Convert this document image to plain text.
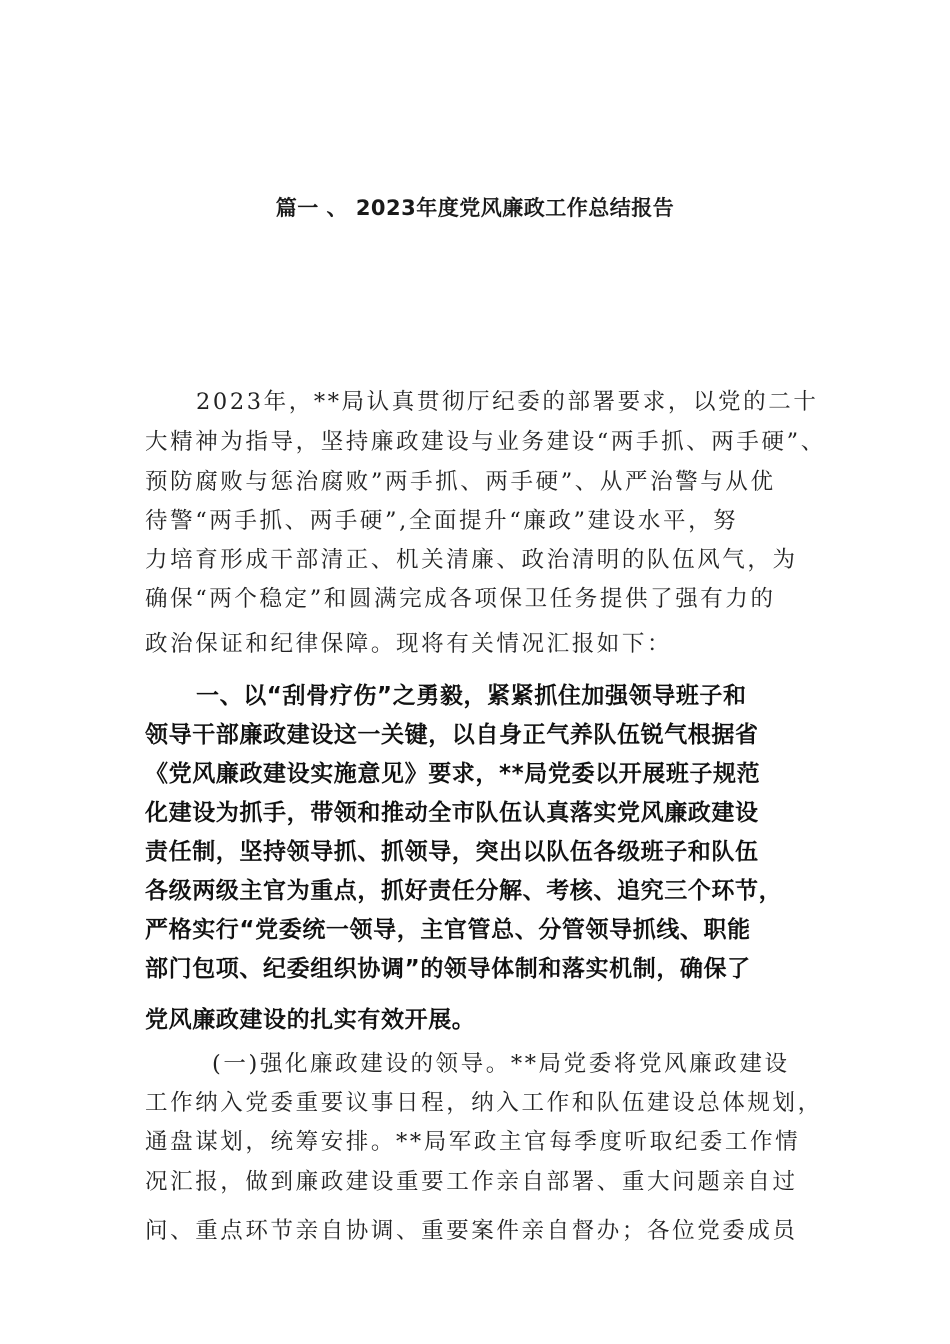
篇一 、 2023年度党风廉政工作总结报告
2023年，**局认真贯彻厅纪委的部署要求，以党的二十
大精神为指导，坚持廉政建设与业务建设“两手抓、两手硬”、
预防腐败与惩治腐败”两手抓、两手硬”、从严治警与从优
待警“两手抓、两手硬”,全面提升“廉政”建设水平，努
力培育形成干部清正、机关清廉、政治清明的队伍风气，为
确保“两个稳定”和圆满完成各项保卫任务提供了强有力的
政治保证和纪律保障。现将有关情况汇报如下：
一、以“刮骨疗伤”之勇毅，紧紧抓住加强领导班子和
领导干部廉政建设这一关键，以自身正气养队伍锐气根据省
《党风廉政建设实施意见》要求，**局党委以开展班子规范
化建设为抓手，带领和推动全市队伍认真落实党风廉政建设
责任制，坚持领导抓、抓领导，突出以队伍各级班子和队伍
各级两级主官为重点，抓好责任分解、考核、追究三个环节，
严格实行“党委统一领导，主官管总、分管领导抓线、职能
部门包项、纪委组织协调”的领导体制和落实机制，确保了
党风廉政建设的扎实有效开展。
(一)强化廉政建设的领导。**局党委将党风廉政建设
工作纳入党委重要议事日程，纳入工作和队伍建设总体规划，
通盘谋划，统筹安排。**局军政主官每季度听取纪委工作情
况汇报，做到廉政建设重要工作亲自部署、重大问题亲自过
问、重点环节亲自协调、重要案件亲自督办；各位党委成员
